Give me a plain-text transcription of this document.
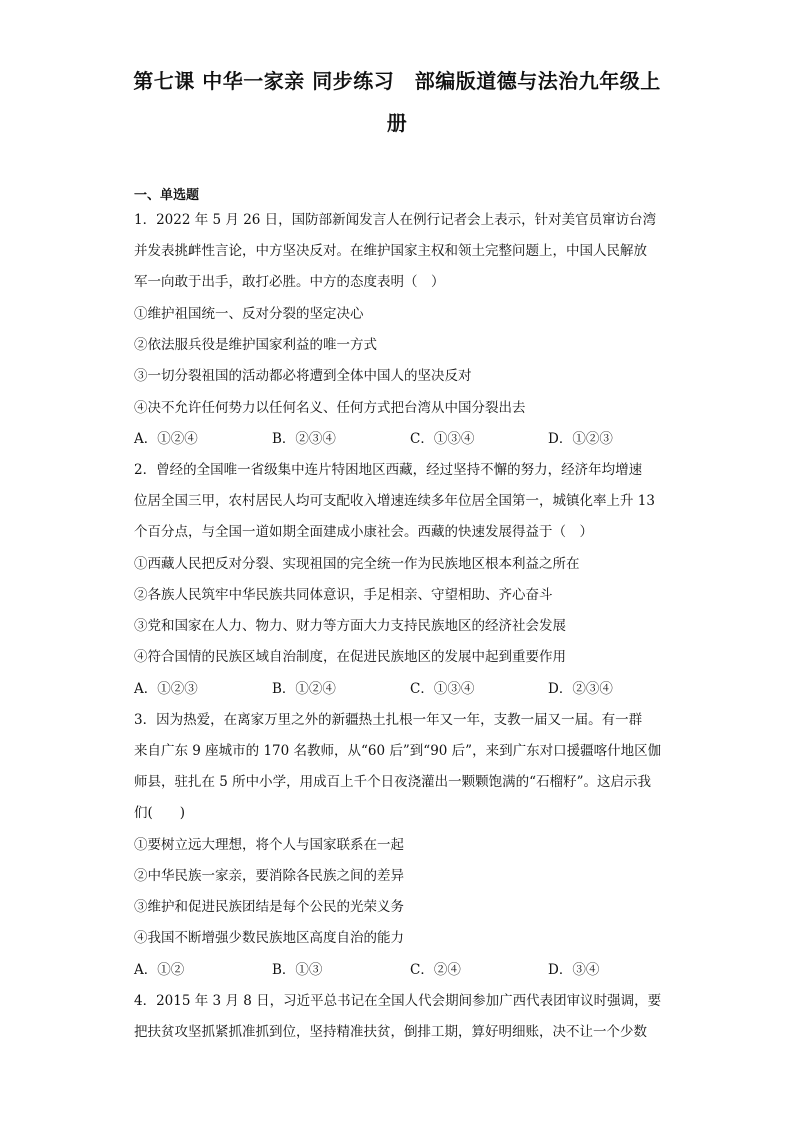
第七课 中华一家亲 同步练习　部编版道德与法治九年级上
册
一、单选题
1．2022 年 5 月 26 日，国防部新闻发言人在例行记者会上表示，针对美官员窜访台湾
并发表挑衅性言论，中方坚决反对。在维护国家主权和领土完整问题上，中国人民解放
军一向敢于出手，敢打必胜。中方的态度表明（　）
①维护祖国统一、反对分裂的坚定决心
②依法服兵役是维护国家利益的唯一方式
③一切分裂祖国的活动都必将遭到全体中国人的坚决反对
④决不允许任何势力以任何名义、任何方式把台湾从中国分裂出去
A．①②④	B．②③④	C．①③④	D．①②③
2．曾经的全国唯一省级集中连片特困地区西藏，经过坚持不懈的努力，经济年均增速
位居全国三甲，农村居民人均可支配收入增速连续多年位居全国第一，城镇化率上升 13
个百分点，与全国一道如期全面建成小康社会。西藏的快速发展得益于（　）
①西藏人民把反对分裂、实现祖国的完全统一作为民族地区根本利益之所在
②各族人民筑牢中华民族共同体意识，手足相亲、守望相助、齐心奋斗
③党和国家在人力、物力、财力等方面大力支持民族地区的经济社会发展
④符合国情的民族区域自治制度，在促进民族地区的发展中起到重要作用
A．①②③	B．①②④	C．①③④	D．②③④
3．因为热爱，在离家万里之外的新疆热土扎根一年又一年，支教一届又一届。有一群
来自广东 9 座城市的 170 名教师，从“60 后”到“90 后”，来到广东对口援疆喀什地区伽
师县，驻扎在 5 所中小学，用成百上千个日夜浇灌出一颗颗饱满的“石榴籽”。这启示我
们(　　)
①要树立远大理想，将个人与国家联系在一起
②中华民族一家亲，要消除各民族之间的差异
③维护和促进民族团结是每个公民的光荣义务
④我国不断增强少数民族地区高度自治的能力
A．①②	B．①③	C．②④	D．③④
4．2015 年 3 月 8 日，习近平总书记在全国人代会期间参加广西代表团审议时强调，要
把扶贫攻坚抓紧抓准抓到位，坚持精准扶贫，倒排工期，算好明细账，决不让一个少数
